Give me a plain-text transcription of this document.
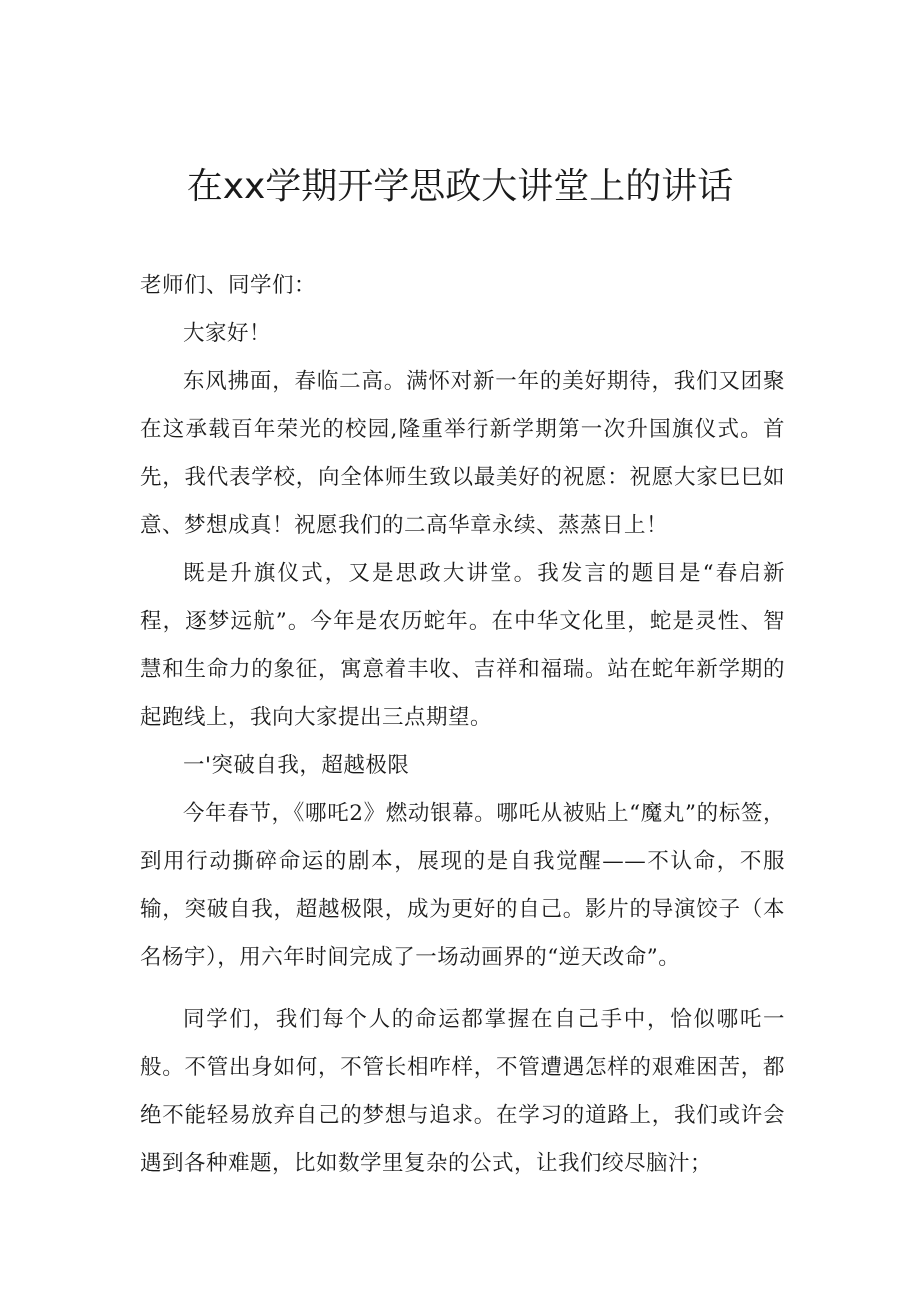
在xx学期开学思政大讲堂上的讲话

老师们、同学们：

大家好！

东风拂面，春临二高。满怀对新一年的美好期待，我们又团聚在这承载百年荣光的校园,隆重举行新学期第一次升国旗仪式。首先，我代表学校，向全体师生致以最美好的祝愿：祝愿大家巳巳如意、梦想成真！祝愿我们的二高华章永续、蒸蒸日上！

既是升旗仪式，又是思政大讲堂。我发言的题目是“春启新程，逐梦远航”。今年是农历蛇年。在中华文化里，蛇是灵性、智慧和生命力的象征，寓意着丰收、吉祥和福瑞。站在蛇年新学期的起跑线上，我向大家提出三点期望。

一'突破自我，超越极限

今年春节，《哪吒2》燃动银幕。哪吒从被贴上“魔丸”的标签，到用行动撕碎命运的剧本，展现的是自我觉醒——不认命，不服输，突破自我，超越极限，成为更好的自己。影片的导演饺子（本名杨宇），用六年时间完成了一场动画界的“逆天改命”。

同学们，我们每个人的命运都掌握在自己手中，恰似哪吒一般。不管出身如何，不管长相咋样，不管遭遇怎样的艰难困苦，都绝不能轻易放弃自己的梦想与追求。在学习的道路上，我们或许会遇到各种难题，比如数学里复杂的公式，让我们绞尽脑汁；
